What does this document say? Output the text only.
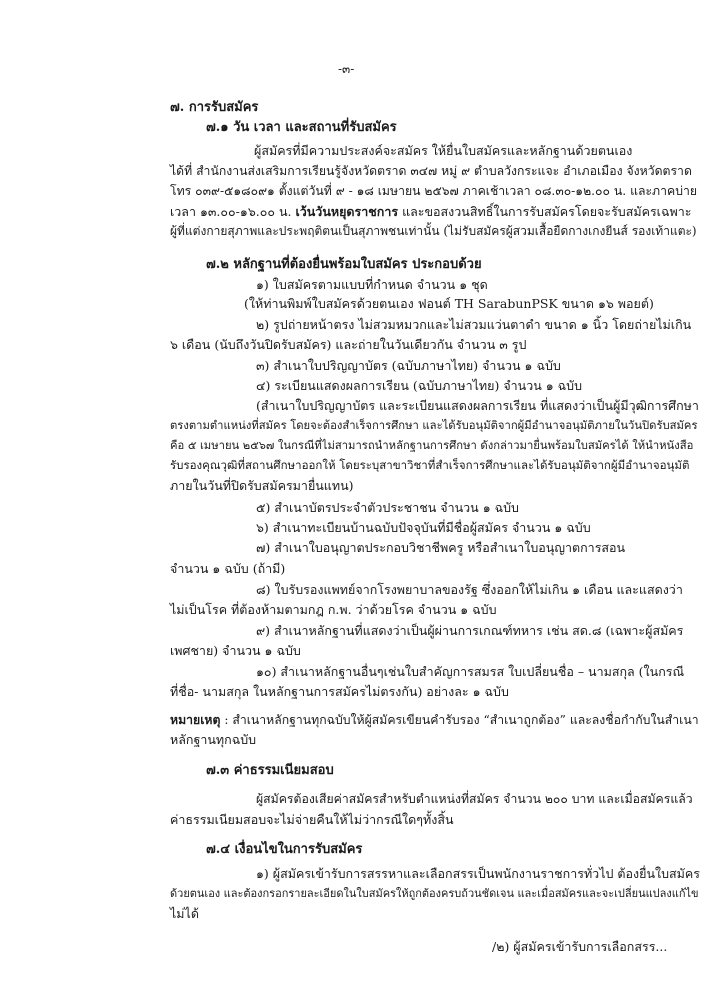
-๓-
๗. การรับสมัคร
๗.๑ วัน เวลา และสถานที่รับสมัคร
ผู้สมัครที่มีความประสงค์จะสมัคร ให้ยื่นใบสมัครและหลักฐานด้วยตนเอง
ได้ที่ สำนักงานส่งเสริมการเรียนรู้จังหวัดตราด ๓๔๗ หมู่ ๙ ตำบลวังกระแจะ อำเภอเมือง จังหวัดตราด
โทร ๐๓๙-๕๑๘๐๙๑ ตั้งแต่วันที่ ๙ - ๑๘ เมษายน ๒๕๖๗ ภาคเช้าเวลา ๐๘.๓๐-๑๒.๐๐ น. และภาคบ่าย
เวลา ๑๓.๐๐-๑๖.๐๐ น. เว้นวันหยุดราชการ และขอสงวนสิทธิ์ในการรับสมัครโดยจะรับสมัครเฉพาะ
ผู้ที่แต่งกายสุภาพและประพฤติตนเป็นสุภาพชนเท่านั้น (ไม่รับสมัครผู้สวมเสื้อยืดกางเกงยีนส์ รองเท้าแตะ)
๗.๒ หลักฐานที่ต้องยื่นพร้อมใบสมัคร ประกอบด้วย
๑) ใบสมัครตามแบบที่กำหนด จำนวน ๑ ชุด
(ให้ท่านพิมพ์ใบสมัครด้วยตนเอง ฟอนต์ TH SarabunPSK ขนาด ๑๖ พอยต์)
๒) รูปถ่ายหน้าตรง ไม่สวมหมวกและไม่สวมแว่นตาดำ ขนาด ๑ นิ้ว โดยถ่ายไม่เกิน
๖ เดือน (นับถึงวันปิดรับสมัคร) และถ่ายในวันเดียวกัน จำนวน ๓ รูป
๓) สำเนาใบปริญญาบัตร (ฉบับภาษาไทย) จำนวน ๑ ฉบับ
๔) ระเบียนแสดงผลการเรียน (ฉบับภาษาไทย) จำนวน ๑ ฉบับ
(สำเนาใบปริญญาบัตร และระเบียนแสดงผลการเรียน ที่แสดงว่าเป็นผู้มีวุฒิการศึกษา
ตรงตามตำแหน่งที่สมัคร โดยจะต้องสำเร็จการศึกษา และได้รับอนุมัติจากผู้มีอำนาจอนุมัติภายในวันปิดรับสมัคร
คือ ๕ เมษายน ๒๕๖๗ ในกรณีที่ไม่สามารถนำหลักฐานการศึกษา ดังกล่าวมายื่นพร้อมใบสมัครได้ ให้นำหนังสือ
รับรองคุณวุฒิที่สถานศึกษาออกให้ โดยระบุสาขาวิชาที่สำเร็จการศึกษาและได้รับอนุมัติจากผู้มีอำนาจอนุมัติ
ภายในวันที่ปิดรับสมัครมายื่นแทน)
๕) สำเนาบัตรประจำตัวประชาชน จำนวน ๑ ฉบับ
๖) สำเนาทะเบียนบ้านฉบับปัจจุบันที่มีชื่อผู้สมัคร จำนวน ๑ ฉบับ
๗) สำเนาใบอนุญาตประกอบวิชาชีพครู หรือสำเนาใบอนุญาตการสอน
จำนวน ๑ ฉบับ (ถ้ามี)
๘) ใบรับรองแพทย์จากโรงพยาบาลของรัฐ ซึ่งออกให้ไม่เกิน ๑ เดือน และแสดงว่า
ไม่เป็นโรค ที่ต้องห้ามตามกฎ ก.พ. ว่าด้วยโรค จำนวน ๑ ฉบับ
๙) สำเนาหลักฐานที่แสดงว่าเป็นผู้ผ่านการเกณฑ์ทหาร เช่น สด.๘ (เฉพาะผู้สมัคร
เพศชาย) จำนวน ๑ ฉบับ
๑๐) สำเนาหลักฐานอื่นๆเช่นใบสำคัญการสมรส ใบเปลี่ยนชื่อ – นามสกุล (ในกรณี
ที่ชื่อ- นามสกุล ในหลักฐานการสมัครไม่ตรงกัน) อย่างละ ๑ ฉบับ
หมายเหตุ : สำเนาหลักฐานทุกฉบับให้ผู้สมัครเขียนคำรับรอง “สำเนาถูกต้อง” และลงชื่อกำกับในสำเนา
หลักฐานทุกฉบับ
๗.๓ ค่าธรรมเนียมสอบ
ผู้สมัครต้องเสียค่าสมัครสำหรับตำแหน่งที่สมัคร จำนวน ๒๐๐ บาท และเมื่อสมัครแล้ว
ค่าธรรมเนียมสอบจะไม่จ่ายคืนให้ไม่ว่ากรณีใดๆทั้งสิ้น
๗.๔ เงื่อนไขในการรับสมัคร
๑) ผู้สมัครเข้ารับการสรรหาและเลือกสรรเป็นพนักงานราชการทั่วไป ต้องยื่นใบสมัคร
ด้วยตนเอง และต้องกรอกรายละเอียดในใบสมัครให้ถูกต้องครบถ้วนชัดเจน และเมื่อสมัครและจะเปลี่ยนแปลงแก้ไข
ไม่ได้
/๒) ผู้สมัครเข้ารับการเลือกสรร...
